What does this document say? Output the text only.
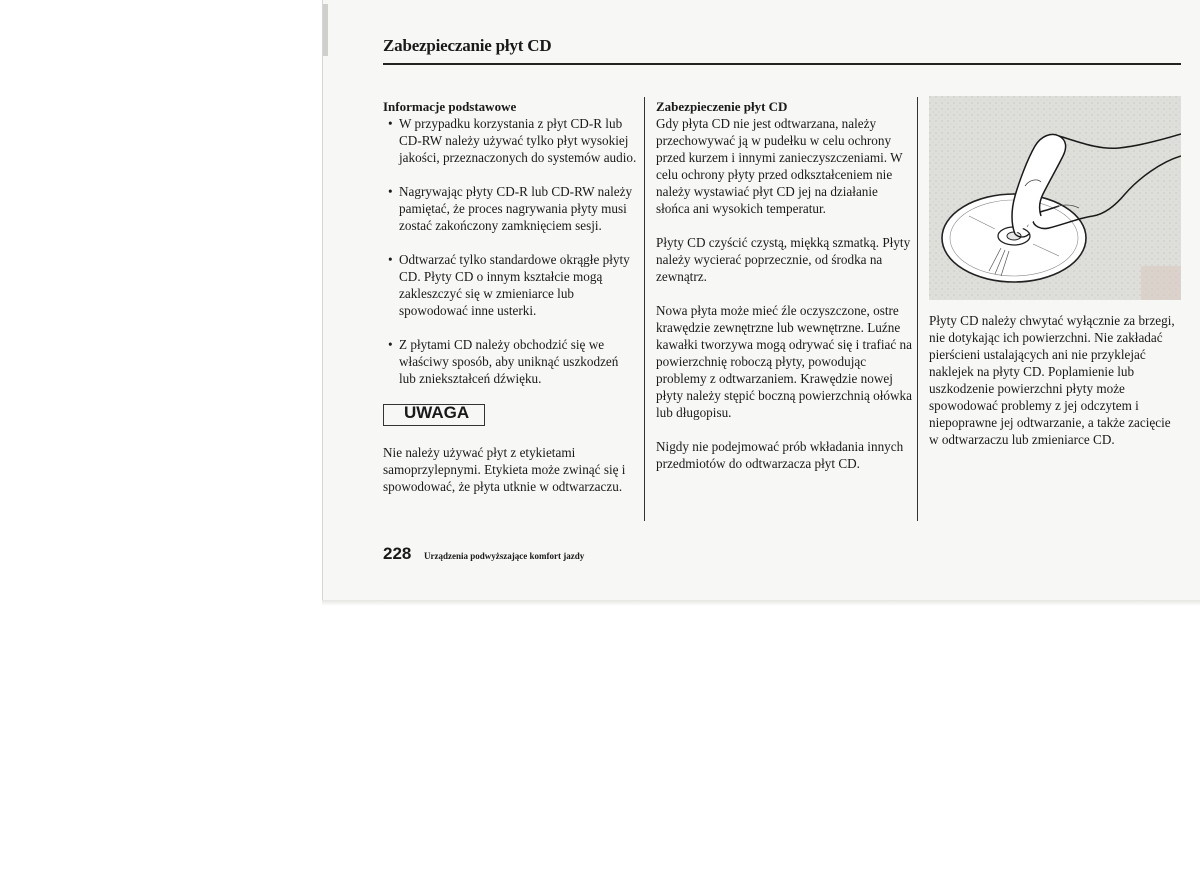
Zabezpieczanie płyt CD

Informacje podstawowe

• W przypadku korzystania z płyt CD-R lub CD-RW należy używać tylko płyt wysokiej jakości, przeznaczonych do systemów audio.
• Nagrywając płyty CD-R lub CD-RW należy pamiętać, że proces nagrywania płyty musi zostać zakończony zamknięciem sesji.
• Odtwarzać tylko standardowe okrągłe płyty CD. Płyty CD o innym kształcie mogą zakleszczyć się w zmieniarce lub spowodować inne usterki.
• Z płytami CD należy obchodzić się we właściwy sposób, aby uniknąć uszkodzeń lub zniekształceń dźwięku.
UWAGA

Nie należy używać płyt z etykietami samoprzylepnymi. Etykieta może zwinąć się i spowodować, że płyta utknie w odtwarzaczu.

Zabezpieczenie płyt CD

Gdy płyta CD nie jest odtwarzana, należy przechowywać ją w pudełku w celu ochrony przed kurzem i innymi zanieczyszczeniami. W celu ochrony płyty przed odkształceniem nie należy wystawiać płyt CD jej na działanie słońca ani wysokich temperatur.

Płyty CD czyścić czystą, miękką szmatką. Płyty należy wycierać poprzecznie, od środka na zewnątrz.

Nowa płyta może mieć źle oczyszczone, ostre krawędzie zewnętrzne lub wewnętrzne. Luźne kawałki tworzywa mogą odrywać się i trafiać na powierzchnię roboczą płyty, powodując problemy z odtwarzaniem. Krawędzie nowej płyty należy stępić boczną powierzchnią ołówka lub długopisu.

Nigdy nie podejmować prób wkładania innych przedmiotów do odtwarzacza płyt CD.

Płyty CD należy chwytać wyłącznie za brzegi, nie dotykając ich powierzchni. Nie zakładać pierścieni ustalających ani nie przyklejać naklejek na płyty CD. Poplamienie lub uszkodzenie powierzchni płyty może spowodować problemy z jej odczytem i niepoprawne jej odtwarzanie, a także zacięcie w odtwarzaczu lub zmieniarce CD.

228 Urządzenia podwyższające komfort jazdy
